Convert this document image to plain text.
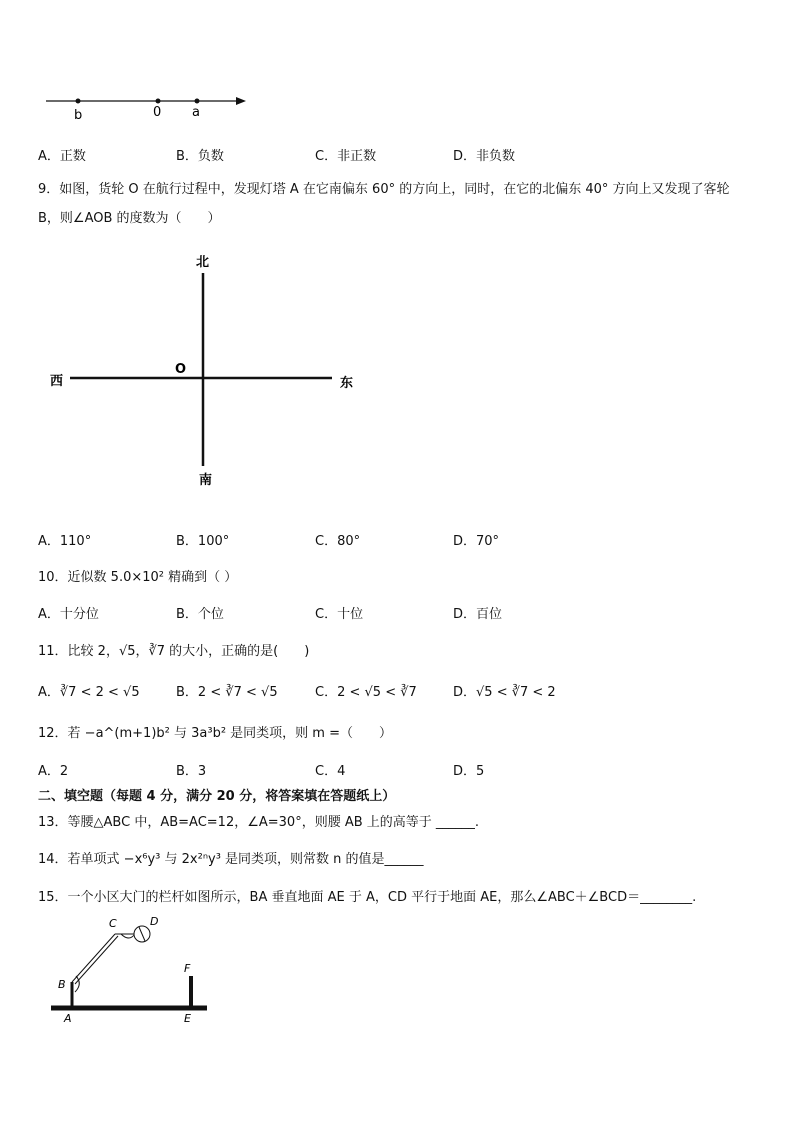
b	0 a
A．正数	B．负数	C．非正数	D．非负数
9．如图，货轮 O 在航行过程中，发现灯塔 A 在它南偏东 60° 的方向上，同时，在它的北偏东 40° 方向上又发现了客轮
B，则∠AOB 的度数为（　　）
北
南
东
西
O
A．110°	B．100°	C．80°	D．70°
10．近似数 5.0×10² 精确到（ ）
A．十分位	B．个位	C．十位	D．百位
11．比较 2，√5，∛7 的大小，正确的是(　　)
A．∛7 < 2 < √5	B．2 < ∛7 < √5	C．2 < √5 < ∛7	D．√5 < ∛7 < 2
12．若 −a^(m+1)b² 与 3a³b² 是同类项，则 m =（　　）
A．2	B．3	C．4	D．5
二、填空题（每题 4 分，满分 20 分，将答案填在答题纸上）
13．等腰△ABC 中，AB=AC=12，∠A=30°，则腰 AB 上的高等于 ______.
14．若单项式 −x⁶y³ 与 2x²ⁿy³ 是同类项，则常数 n 的值是______
15．一个小区大门的栏杆如图所示，BA 垂直地面 AE 于 A，CD 平行于地面 AE，那么∠ABC＋∠BCD＝________.
A
B
C	D
E
F
